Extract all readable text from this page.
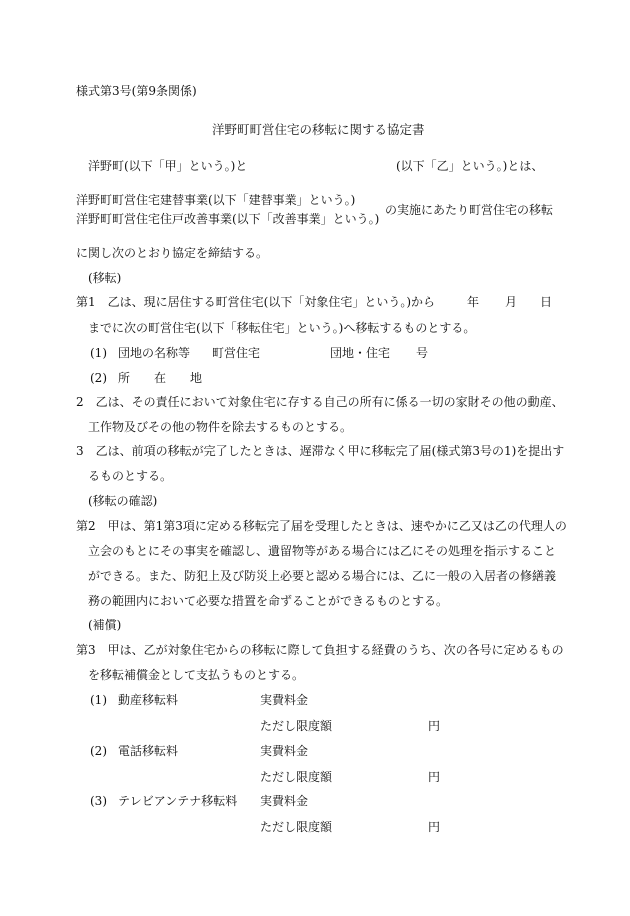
様式第3号(第9条関係)
洋野町町営住宅の移転に関する協定書
洋野町(以下「甲」という。)と	(以下「乙」という。)とは、
洋野町町営住宅建替事業(以下「建替事業」という。)
洋野町町営住宅住戸改善事業(以下「改善事業」という。)
の実施にあたり町営住宅の移転
に関し次のとおり協定を締結する。
(移転)
第1　乙は、現に居住する町営住宅(以下「対象住宅」という。)から	年 月 日
までに次の町営住宅(以下「移転住宅」という。)へ移転するものとする。
(1) 団地の名称等 町営住宅	団地・住宅 号
(2) 所　　在　　地
2　乙は、その責任において対象住宅に存する自己の所有に係る一切の家財その他の動産、
工作物及びその他の物件を除去するものとする。
3　乙は、前項の移転が完了したときは、遅滞なく甲に移転完了届(様式第3号の1)を提出す
るものとする。
(移転の確認)
第2　甲は、第1第3項に定める移転完了届を受理したときは、速やかに乙又は乙の代理人の
立会のもとにその事実を確認し、遺留物等がある場合には乙にその処理を指示すること
ができる。また、防犯上及び防災上必要と認める場合には、乙に一般の入居者の修繕義
務の範囲内において必要な措置を命ずることができるものとする。
(補償)
第3　甲は、乙が対象住宅からの移転に際して負担する経費のうち、次の各号に定めるもの
を移転補償金として支払うものとする。
(1) 動産移転料	実費料金
ただし限度額	円
(2) 電話移転料	実費料金
ただし限度額	円
(3) テレビアンテナ移転料 実費料金
ただし限度額	円
